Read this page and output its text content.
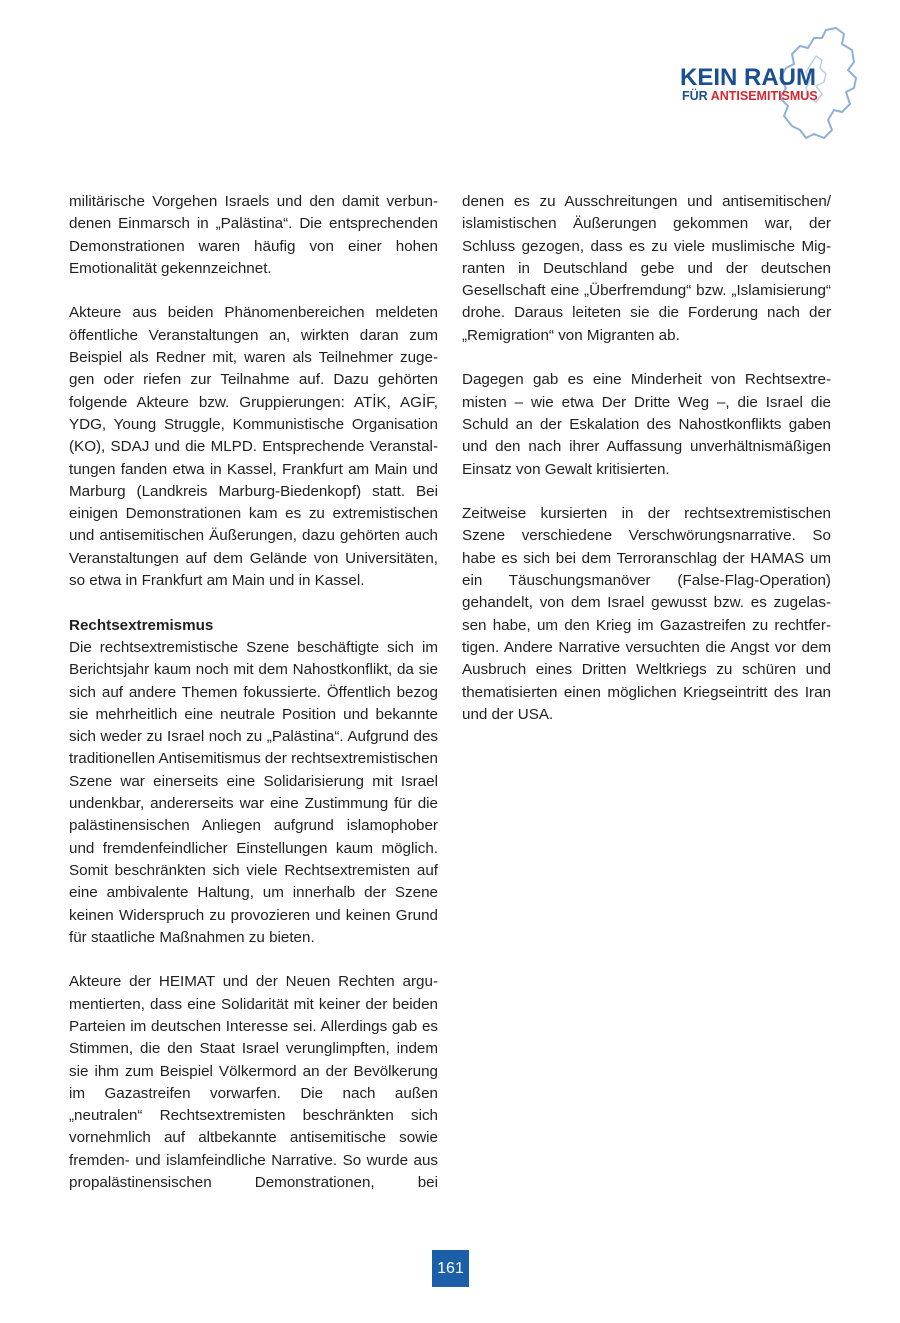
KEIN RAUM
FÜR ANTISEMITISMUS

militärische Vorgehen Israels und den damit verbundenen Einmarsch in „Palästina“. Die entsprechenden Demonstrationen waren häufig von einer hohen Emotionalität gekennzeichnet.

Akteure aus beiden Phänomenbereichen meldeten öffentliche Veranstaltungen an, wirkten daran zum Beispiel als Redner mit, waren als Teilnehmer zugegen oder riefen zur Teilnahme auf. Dazu gehörten folgende Akteure bzw. Gruppierungen: ATİK, AGİF, YDG, Young Struggle, Kommunistische Organisation (KO), SDAJ und die MLPD. Entsprechende Veranstaltungen fanden etwa in Kassel, Frankfurt am Main und Marburg (Landkreis Marburg-Biedenkopf) statt. Bei einigen Demonstrationen kam es zu extremistischen und antisemitischen Äußerungen, dazu gehörten auch Veranstaltungen auf dem Gelände von Universitäten, so etwa in Frankfurt am Main und in Kassel.

Rechtsextremismus

Die rechtsextremistische Szene beschäftigte sich im Berichtsjahr kaum noch mit dem Nahostkonflikt, da sie sich auf andere Themen fokussierte. Öffentlich bezog sie mehrheitlich eine neutrale Position und bekannte sich weder zu Israel noch zu „Palästina“. Aufgrund des traditionellen Antisemitismus der rechtsextremistischen Szene war einerseits eine Solidarisierung mit Israel undenkbar, andererseits war eine Zustimmung für die palästinensischen Anliegen aufgrund islamophober und fremdenfeindlicher Einstellungen kaum möglich. Somit beschränkten sich viele Rechtsextremisten auf eine ambivalente Haltung, um innerhalb der Szene keinen Widerspruch zu provozieren und keinen Grund für staatliche Maßnahmen zu bieten.

Akteure der HEIMAT und der Neuen Rechten argumentierten, dass eine Solidarität mit keiner der beiden Parteien im deutschen Interesse sei. Allerdings gab es Stimmen, die den Staat Israel verunglimpften, indem sie ihm zum Beispiel Völkermord an der Bevölkerung im Gazastreifen vorwarfen. Die nach außen „neutralen“ Rechtsextremisten beschränkten sich vornehmlich auf altbekannte antisemitische sowie fremden- und islamfeindliche Narrative. So wurde aus propalästinensischen Demonstrationen, bei

denen es zu Ausschreitungen und antisemitischen/ islamistischen Äußerungen gekommen war, der Schluss gezogen, dass es zu viele muslimische Migranten in Deutschland gebe und der deutschen Gesellschaft eine „Überfremdung“ bzw. „Islamisierung“ drohe. Daraus leiteten sie die Forderung nach der „Remigration“ von Migranten ab.

Dagegen gab es eine Minderheit von Rechtsextremisten – wie etwa Der Dritte Weg –, die Israel die Schuld an der Eskalation des Nahostkonflikts gaben und den nach ihrer Auffassung unverhältnismäßigen Einsatz von Gewalt kritisierten.

Zeitweise kursierten in der rechtsextremistischen Szene verschiedene Verschwörungsnarrative. So habe es sich bei dem Terroranschlag der HAMAS um ein Täuschungsmanöver (False-Flag-Operation) gehandelt, von dem Israel gewusst bzw. es zugelassen habe, um den Krieg im Gazastreifen zu rechtfertigen. Andere Narrative versuchten die Angst vor dem Ausbruch eines Dritten Weltkriegs zu schüren und thematisierten einen möglichen Kriegseintritt des Iran und der USA.

161
